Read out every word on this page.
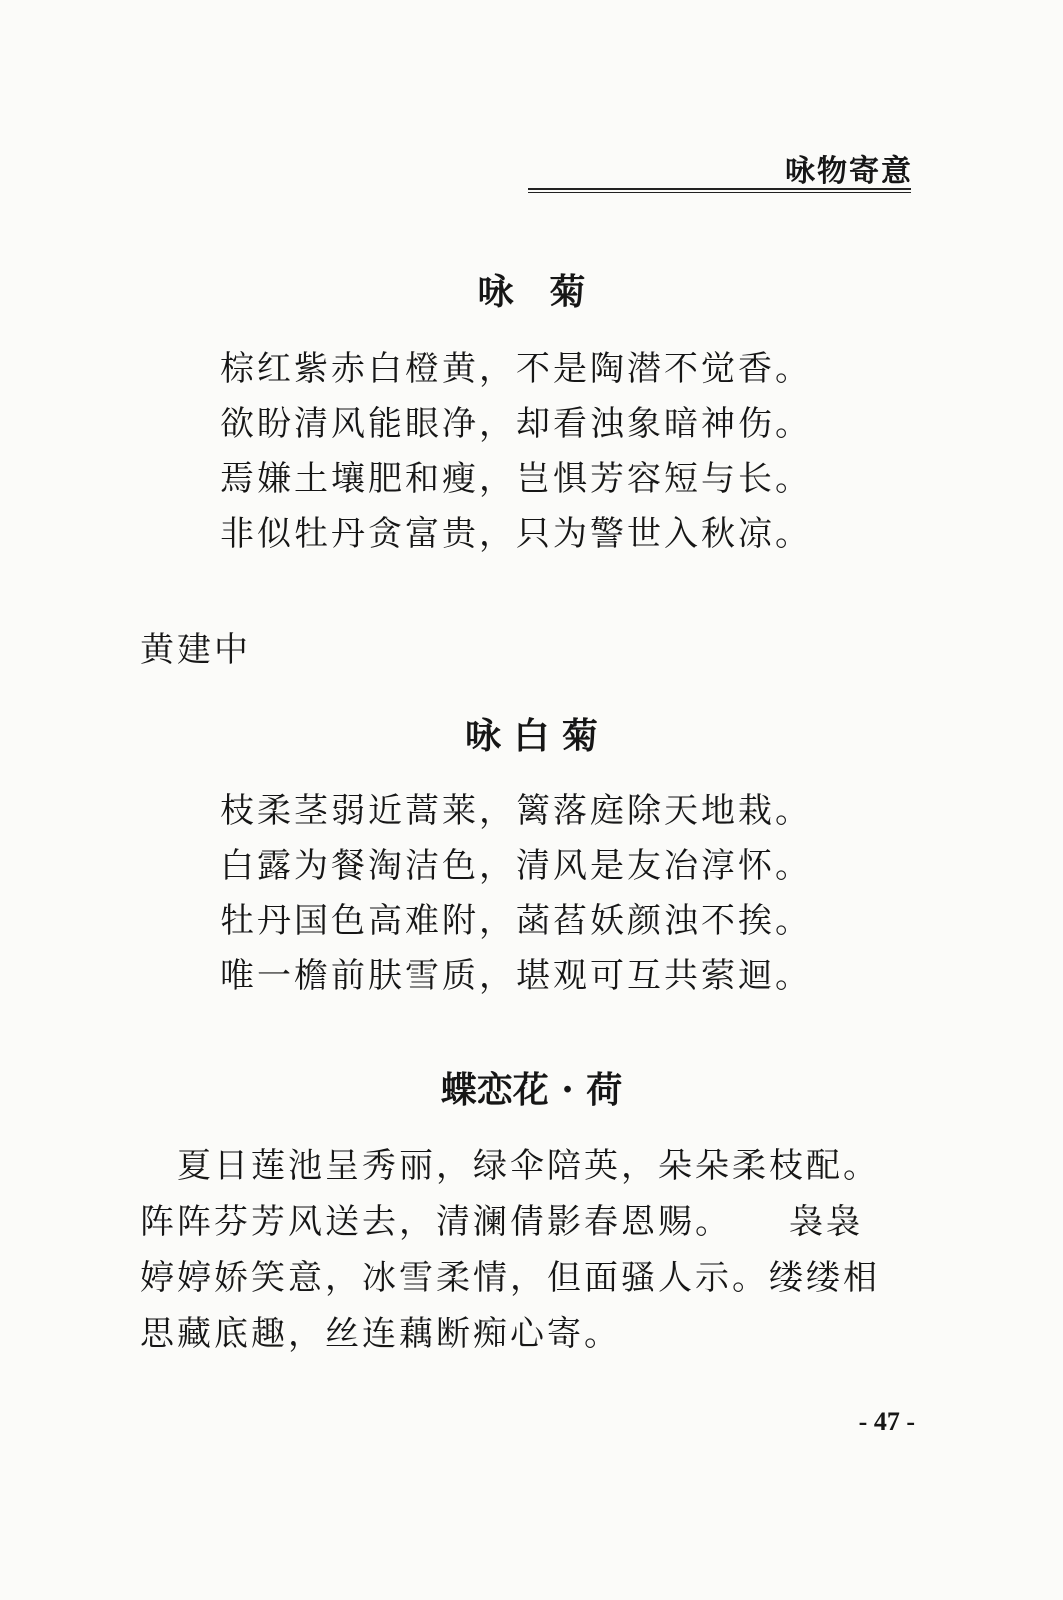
咏物寄意
咏　菊
棕红紫赤白橙黄，不是陶潜不觉香。
欲盼清风能眼净，却看浊象暗神伤。
焉嫌土壤肥和瘦，岂惧芳容短与长。
非似牡丹贪富贵，只为警世入秋凉。
黄建中
咏 白 菊
枝柔茎弱近蒿莱，篱落庭除天地栽。
白露为餐淘洁色，清风是友冶淳怀。
牡丹国色高难附，菡萏妖颜浊不挨。
唯一檐前肤雪质，堪观可互共萦迴。
蝶恋花 · 荷
　夏日莲池呈秀丽，绿伞陪英，朵朵柔枝配。
阵阵芬芳风送去，清澜倩影春恩赐。　　袅袅
婷婷娇笑意，冰雪柔情，但面骚人示。缕缕相
思藏底趣，丝连藕断痴心寄。
- 47 -
